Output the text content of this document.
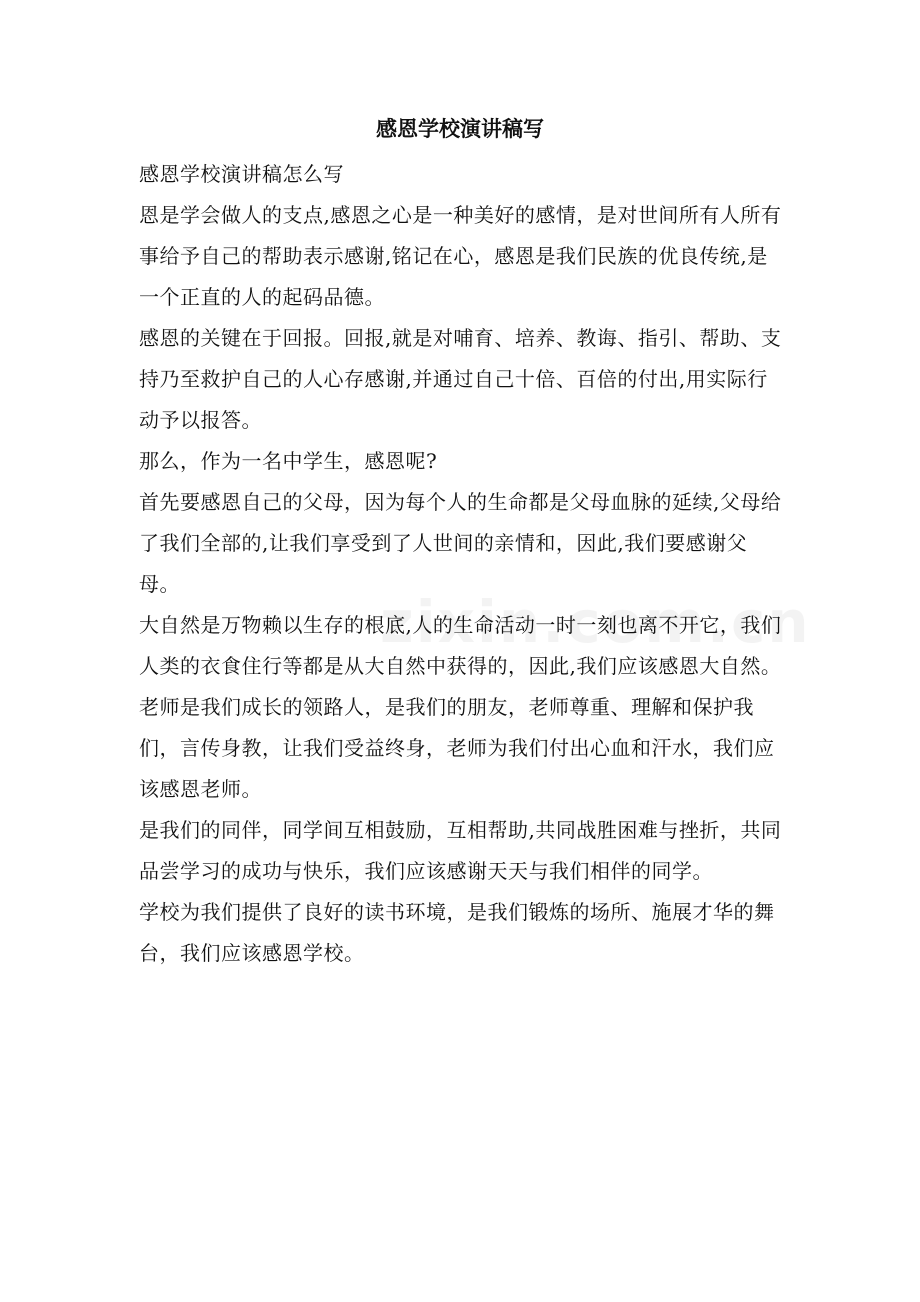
感恩学校演讲稿写

感恩学校演讲稿怎么写

恩是学会做人的支点,感恩之心是一种美好的感情，是对世间所有人所有事给予自己的帮助表示感谢,铭记在心，感恩是我们民族的优良传统,是一个正直的人的起码品德。

感恩的关键在于回报。回报,就是对哺育、培养、教诲、指引、帮助、支持乃至救护自己的人心存感谢,并通过自己十倍、百倍的付出,用实际行动予以报答。

那么，作为一名中学生，感恩呢?

首先要感恩自己的父母，因为每个人的生命都是父母血脉的延续,父母给了我们全部的,让我们享受到了人世间的亲情和，因此,我们要感谢父母。

大自然是万物赖以生存的根底,人的生命活动一时一刻也离不开它，我们人类的衣食住行等都是从大自然中获得的，因此,我们应该感恩大自然。

老师是我们成长的领路人，是我们的朋友，老师尊重、理解和保护我们，言传身教，让我们受益终身，老师为我们付出心血和汗水，我们应该感恩老师。

是我们的同伴，同学间互相鼓励，互相帮助,共同战胜困难与挫折，共同品尝学习的成功与快乐，我们应该感谢天天与我们相伴的同学。

学校为我们提供了良好的读书环境，是我们锻炼的场所、施展才华的舞台，我们应该感恩学校。
